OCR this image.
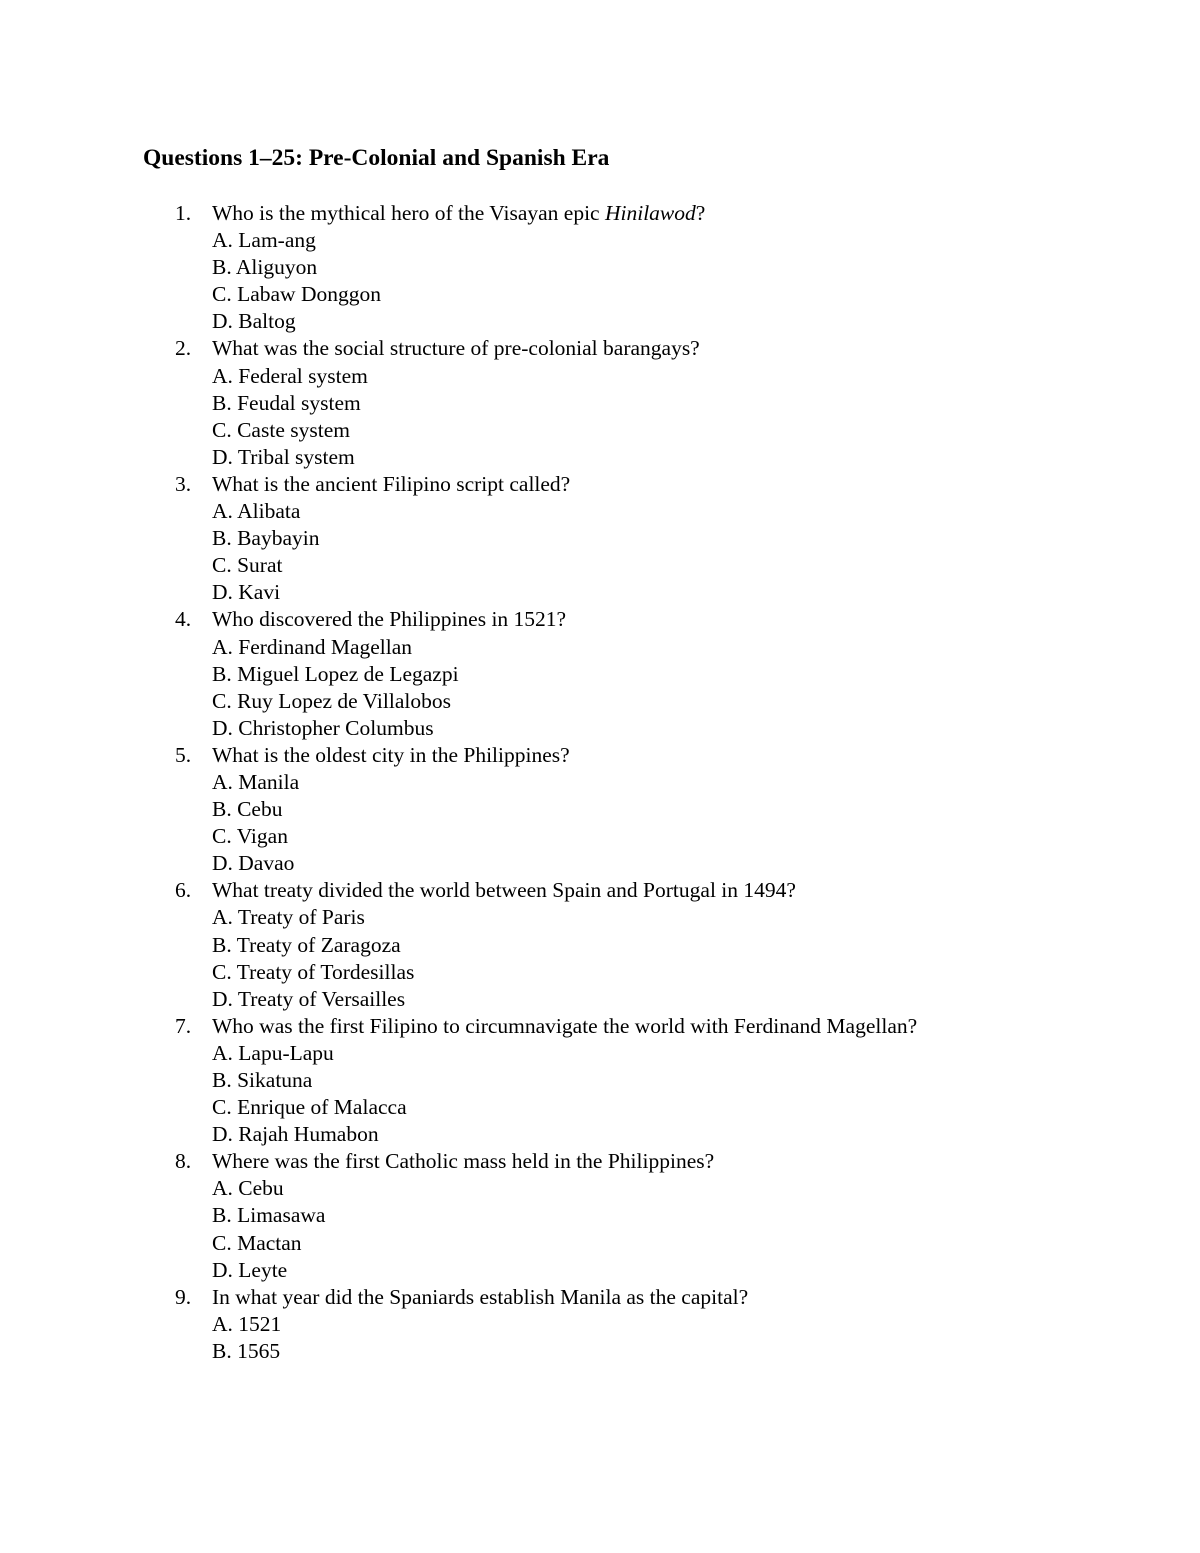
Questions 1–25: Pre-Colonial and Spanish Era
1. Who is the mythical hero of the Visayan epic Hinilawod?
A. Lam-ang
B. Aliguyon
C. Labaw Donggon
D. Baltog
2. What was the social structure of pre-colonial barangays?
A. Federal system
B. Feudal system
C. Caste system
D. Tribal system
3. What is the ancient Filipino script called?
A. Alibata
B. Baybayin
C. Surat
D. Kavi
4. Who discovered the Philippines in 1521?
A. Ferdinand Magellan
B. Miguel Lopez de Legazpi
C. Ruy Lopez de Villalobos
D. Christopher Columbus
5. What is the oldest city in the Philippines?
A. Manila
B. Cebu
C. Vigan
D. Davao
6. What treaty divided the world between Spain and Portugal in 1494?
A. Treaty of Paris
B. Treaty of Zaragoza
C. Treaty of Tordesillas
D. Treaty of Versailles
7. Who was the first Filipino to circumnavigate the world with Ferdinand Magellan?
A. Lapu-Lapu
B. Sikatuna
C. Enrique of Malacca
D. Rajah Humabon
8. Where was the first Catholic mass held in the Philippines?
A. Cebu
B. Limasawa
C. Mactan
D. Leyte
9. In what year did the Spaniards establish Manila as the capital?
A. 1521
B. 1565
